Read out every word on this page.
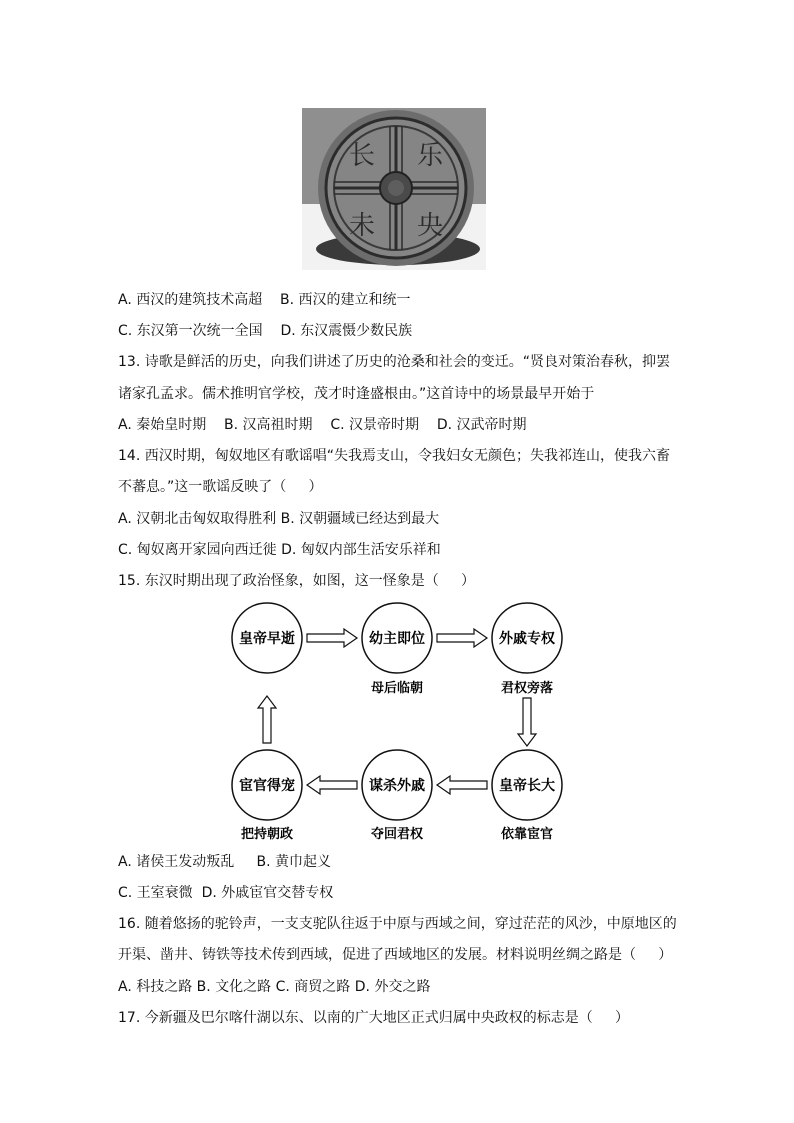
长 乐
未 央
A. 西汉的建筑技术高超    B. 西汉的建立和统一
C. 东汉第一次统一全国    D. 东汉震慑少数民族
13. 诗歌是鲜活的历史，向我们讲述了历史的沧桑和社会的变迁。“贤良对策治春秋，抑罢
诸家孔孟求。儒术推明官学校，茂才时逢盛根由。”这首诗中的场景最早开始于
A. 秦始皇时期    B. 汉高祖时期    C. 汉景帝时期    D. 汉武帝时期
14. 西汉时期，匈奴地区有歌谣唱“失我焉支山，令我妇女无颜色；失我祁连山，使我六畜
不蕃息。”这一歌谣反映了（     ）
A. 汉朝北击匈奴取得胜利 B. 汉朝疆域已经达到最大
C. 匈奴离开家园向西迁徙 D. 匈奴内部生活安乐祥和
15. 东汉时期出现了政治怪象，如图，这一怪象是（     ）
皇帝早逝	幼主即位	外戚专权
皇帝长大
谋杀外戚
宦官得宠
母后临朝	君权旁落
依靠宦官
夺回君权
把持朝政
A. 诸侯王发动叛乱     B. 黄巾起义
C. 王室衰微  D. 外戚宦官交替专权
16. 随着悠扬的驼铃声，一支支驼队往返于中原与西域之间，穿过茫茫的风沙，中原地区的
开渠、凿井、铸铁等技术传到西域，促进了西域地区的发展。材料说明丝绸之路是（     ）
A. 科技之路 B. 文化之路 C. 商贸之路 D. 外交之路
17. 今新疆及巴尔喀什湖以东、以南的广大地区正式归属中央政权的标志是（     ）
